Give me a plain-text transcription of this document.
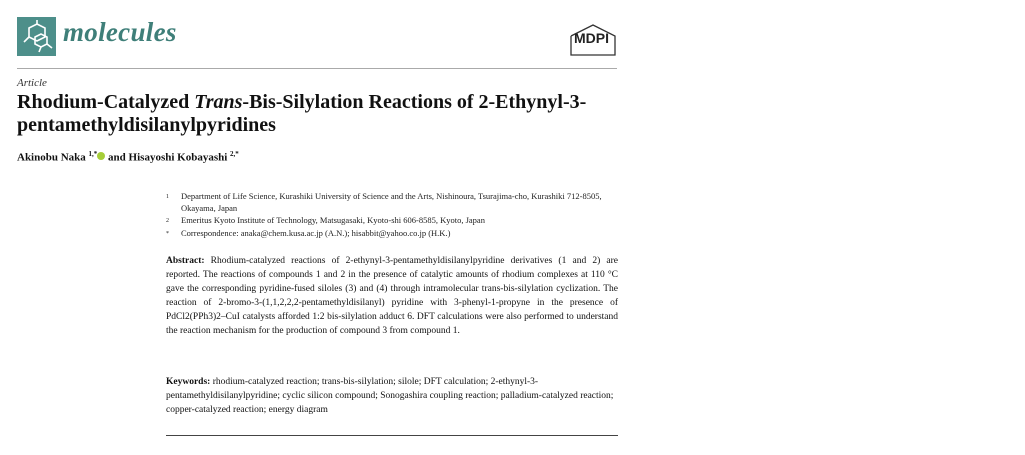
molecules	MDPI
Article
Rhodium-Catalyzed Trans-Bis-Silylation Reactions of 2-Ethynyl-3-pentamethyldisilanylpyridines
Akinobu Naka $^{1,*}$ and Hisayoshi Kobayashi $^{2,*}$
1	Department of Life Science, Kurashiki University of Science and the Arts, Nishinoura, Tsurajima-cho, Kurashiki 712-8505, Okayama, Japan
2	Emeritus Kyoto Institute of Technology, Matsugasaki, Kyoto-shi 606-8585, Kyoto, Japan
*	Correspondence: anaka@chem.kusa.ac.jp (A.N.); hisabbit@yahoo.co.jp (H.K.)
Abstract: Rhodium-catalyzed reactions of 2-ethynyl-3-pentamethyldisilanylpyridine derivatives (1 and 2) are reported. The reactions of compounds 1 and 2 in the presence of catalytic amounts of rhodium complexes at 110 °C gave the corresponding pyridine-fused siloles (3) and (4) through intramolecular trans-bis-silylation cyclization. The reaction of 2-bromo-3-(1,1,2,2,2-pentamethyldisilanyl) pyridine with 3-phenyl-1-propyne in the presence of PdCl2(PPh3)2–CuI catalysts afforded 1:2 bis-silylation adduct 6. DFT calculations were also performed to understand the reaction mechanism for the production of compound 3 from compound 1.
Keywords: rhodium-catalyzed reaction; trans-bis-silylation; silole; DFT calculation; 2-ethynyl-3-pentamethyldisilanylpyridine; cyclic silicon compound; Sonogashira coupling reaction; palladium-catalyzed reaction; copper-catalyzed reaction; energy diagram
